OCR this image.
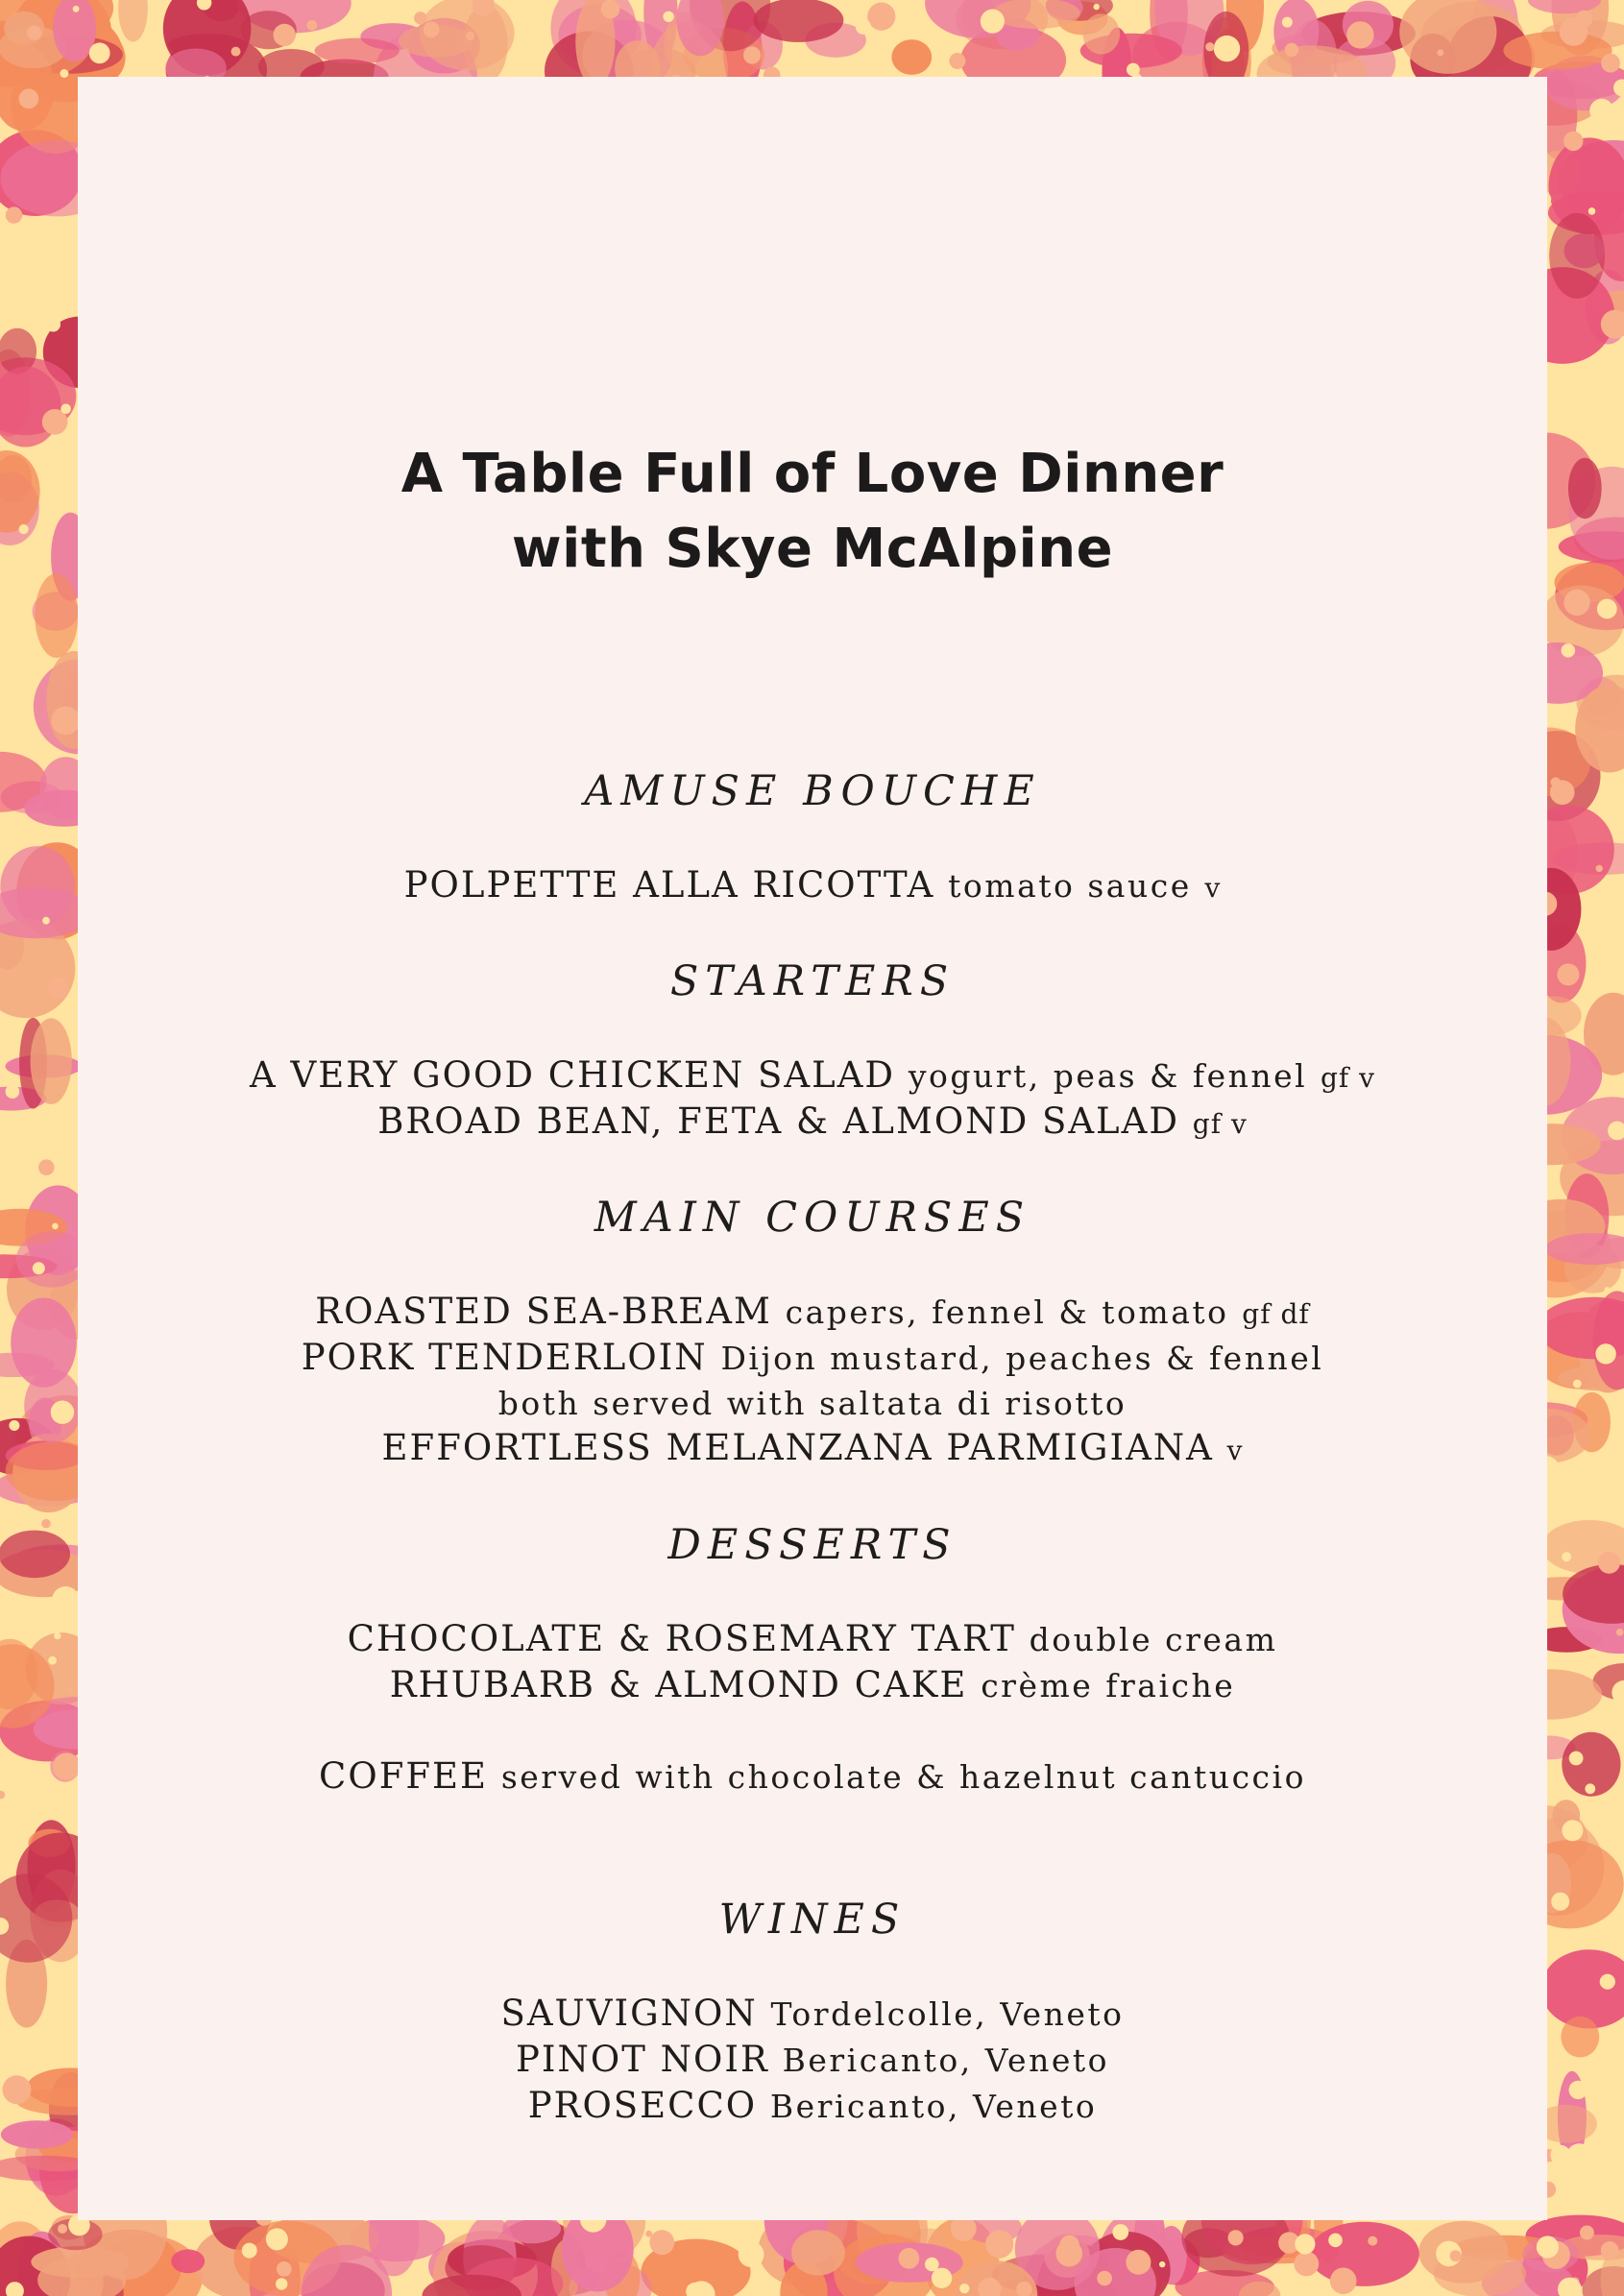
A Table Full of Love Dinner
with Skye McAlpine
AMUSE BOUCHE
POLPETTE ALLA RICOTTA tomato sauce v
STARTERS
A VERY GOOD CHICKEN SALAD yogurt, peas & fennel gf v
BROAD BEAN, FETA & ALMOND SALAD gf v
MAIN COURSES
ROASTED SEA-BREAM capers, fennel & tomato gf df
PORK TENDERLOIN Dijon mustard, peaches & fennel
both served with saltata di risotto
EFFORTLESS MELANZANA PARMIGIANA v
DESSERTS
CHOCOLATE & ROSEMARY TART double cream
RHUBARB & ALMOND CAKE crème fraiche
COFFEE served with chocolate & hazelnut cantuccio
WINES
SAUVIGNON Tordelcolle, Veneto
PINOT NOIR Bericanto, Veneto
PROSECCO Bericanto, Veneto
